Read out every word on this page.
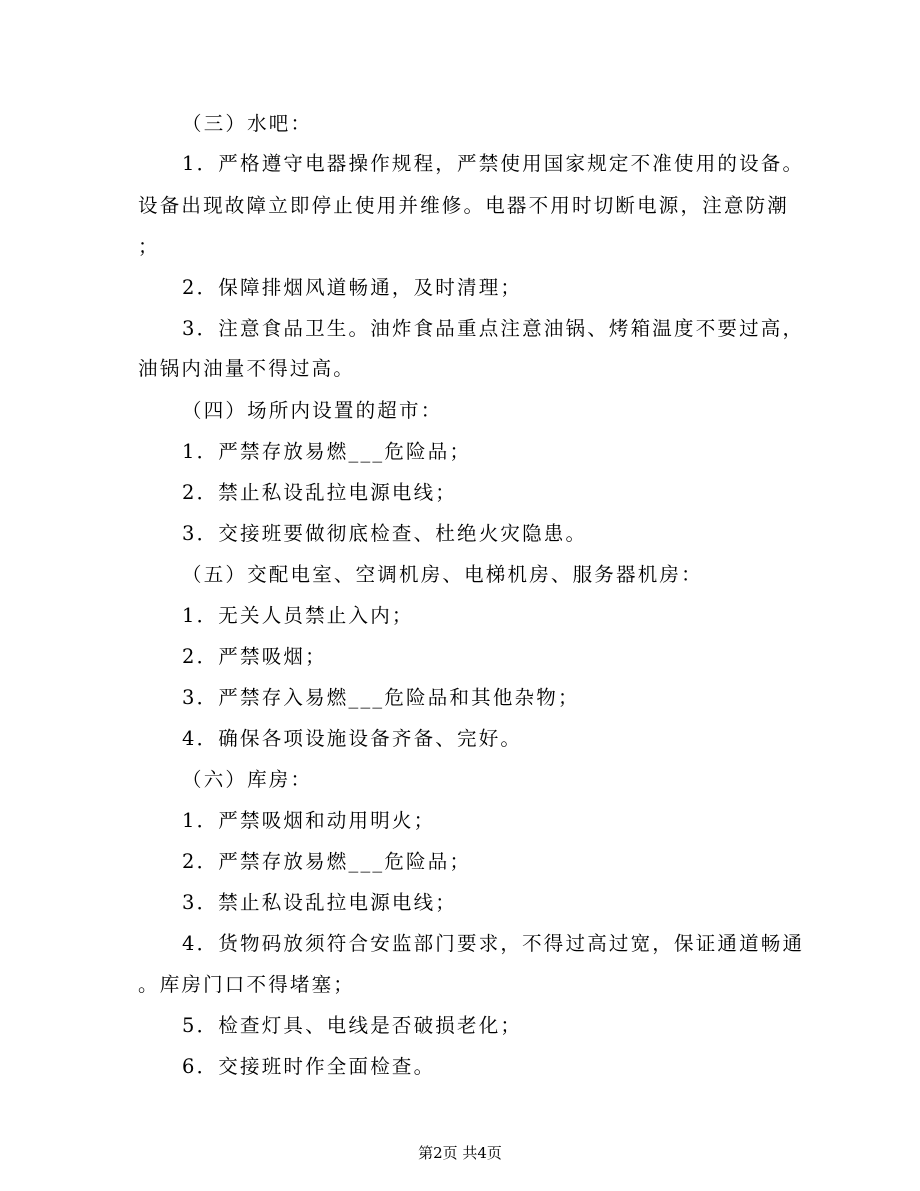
（三）水吧：
1．严格遵守电器操作规程，严禁使用国家规定不准使用的设备。
设备出现故障立即停止使用并维修。电器不用时切断电源，注意防潮
；
2．保障排烟风道畅通，及时清理；
3．注意食品卫生。油炸食品重点注意油锅、烤箱温度不要过高，
油锅内油量不得过高。
（四）场所内设置的超市：
1．严禁存放易燃___危险品；
2．禁止私设乱拉电源电线；
3．交接班要做彻底检查、杜绝火灾隐患。
（五）交配电室、空调机房、电梯机房、服务器机房：
1．无关人员禁止入内；
2．严禁吸烟；
3．严禁存入易燃___危险品和其他杂物；
4．确保各项设施设备齐备、完好。
（六）库房：
1．严禁吸烟和动用明火；
2．严禁存放易燃___危险品；
3．禁止私设乱拉电源电线；
4．货物码放须符合安监部门要求，不得过高过宽，保证通道畅通
。库房门口不得堵塞；
5．检查灯具、电线是否破损老化；
6．交接班时作全面检查。
第2页 共4页
